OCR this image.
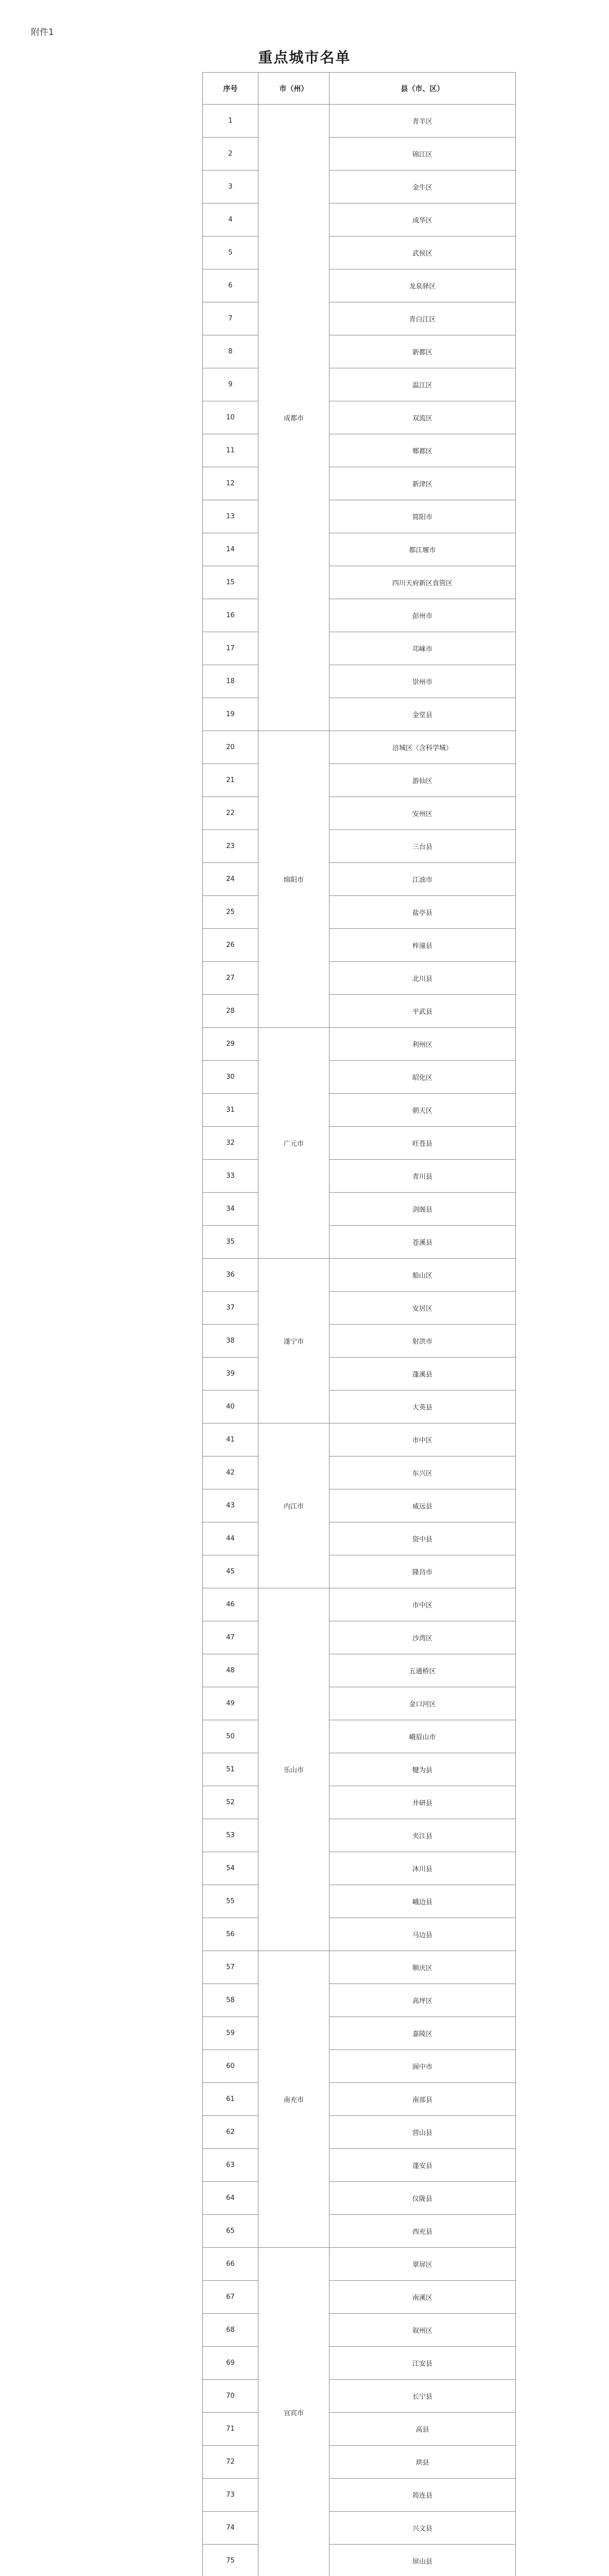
附件1
重点城市名单
序号	市（州）	县（市、区）
1	成都市	青羊区
2		锦江区
3		金牛区
4		成华区
5		武侯区
6		龙泉驿区
7		青白江区
8		新都区
9		温江区
10		双流区
11		郫都区
12		新津区
13		简阳市
14		都江堰市
15		四川天府新区直管区
16		彭州市
17		邛崃市
18		崇州市
19		金堂县
20	绵阳市	涪城区（含科学城）
21		游仙区
22		安州区
23		三台县
24		江油市
25		盐亭县
26		梓潼县
27		北川县
28		平武县
29	广元市	利州区
30		昭化区
31		朝天区
32		旺苍县
33		青川县
34		剑阁县
35		苍溪县
36	遂宁市	船山区
37		安居区
38		射洪市
39		蓬溪县
40		大英县
41	内江市	市中区
42		东兴区
43		威远县
44		资中县
45		隆昌市
46	乐山市	市中区
47		沙湾区
48		五通桥区
49		金口河区
50		峨眉山市
51		犍为县
52		井研县
53		夹江县
54		沐川县
55		峨边县
56		马边县
57	南充市	顺庆区
58		高坪区
59		嘉陵区
60		阆中市
61		南部县
62		营山县
63		蓬安县
64		仪陇县
65		西充县
66	宜宾市	翠屏区
67		南溪区
68		叙州区
69		江安县
70		长宁县
71		高县
72		珙县
73		筠连县
74		兴文县
75		屏山县
